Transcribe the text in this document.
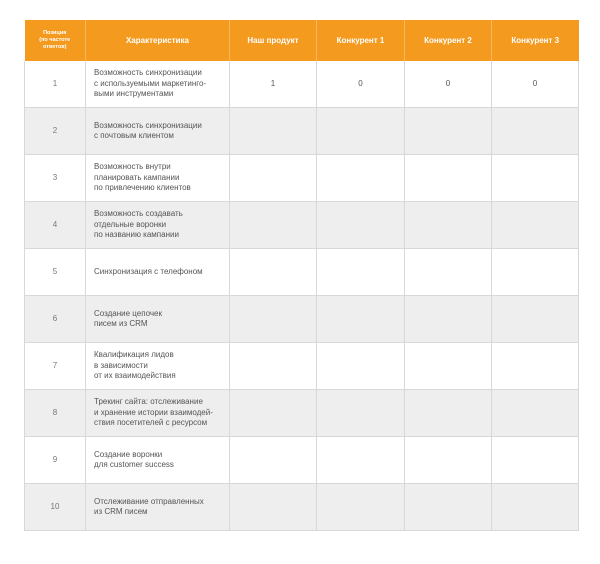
Позиция
(по частоте
ответов)	Характеристика	Наш продукт	Конкурент 1	Конкурент 2	Конкурент 3
1	Возможность синхронизации
с используемыми маркетинго-
выми инструментами	1	0	0	0
2	Возможность синхронизации
с почтовым клиентом				
3	Возможность внутри
планировать кампании
по привлечению клиентов				
4	Возможность создавать
отдельные воронки
по названию кампании				
5	Синхронизация с телефоном				
6	Создание цепочек
писем из CRM				
7	Квалификация лидов
в зависимости
от их взаимодействия				
8	Трекинг сайта: отслеживание
и хранение истории взаимодей-
ствия посетителей с ресурсом				
9	Создание воронки
для customer success				
10	Отслеживание отправленных
из CRM писем				
